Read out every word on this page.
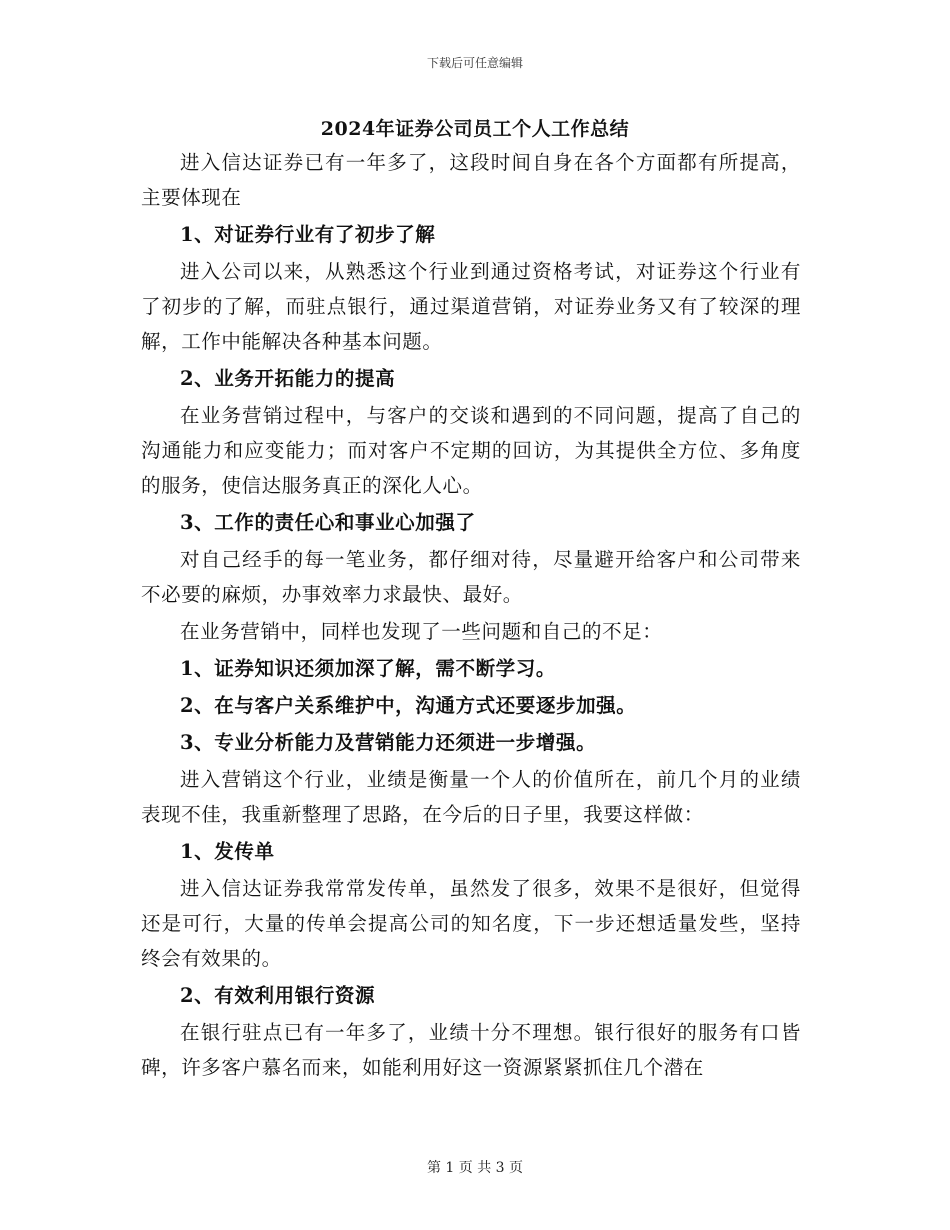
下载后可任意编辑
2024年证券公司员工个人工作总结

进入信达证券已有一年多了，这段时间自身在各个方面都有所提高，主要体现在

1、对证券行业有了初步了解

进入公司以来，从熟悉这个行业到通过资格考试，对证券这个行业有了初步的了解，而驻点银行，通过渠道营销，对证券业务又有了较深的理解，工作中能解决各种基本问题。

2、业务开拓能力的提高

在业务营销过程中，与客户的交谈和遇到的不同问题，提高了自己的沟通能力和应变能力；而对客户不定期的回访，为其提供全方位、多角度的服务，使信达服务真正的深化人心。

3、工作的责任心和事业心加强了

对自己经手的每一笔业务，都仔细对待，尽量避开给客户和公司带来不必要的麻烦，办事效率力求最快、最好。

在业务营销中，同样也发现了一些问题和自己的不足：

1、证券知识还须加深了解，需不断学习。

2、在与客户关系维护中，沟通方式还要逐步加强。

3、专业分析能力及营销能力还须进一步增强。

进入营销这个行业，业绩是衡量一个人的价值所在，前几个月的业绩表现不佳，我重新整理了思路，在今后的日子里，我要这样做：

1、发传单

进入信达证券我常常发传单，虽然发了很多，效果不是很好，但觉得还是可行，大量的传单会提高公司的知名度，下一步还想适量发些，坚持终会有效果的。

2、有效利用银行资源

在银行驻点已有一年多了，业绩十分不理想。银行很好的服务有口皆碑，许多客户慕名而来，如能利用好这一资源紧紧抓住几个潜在

第 1 页 共 3 页
